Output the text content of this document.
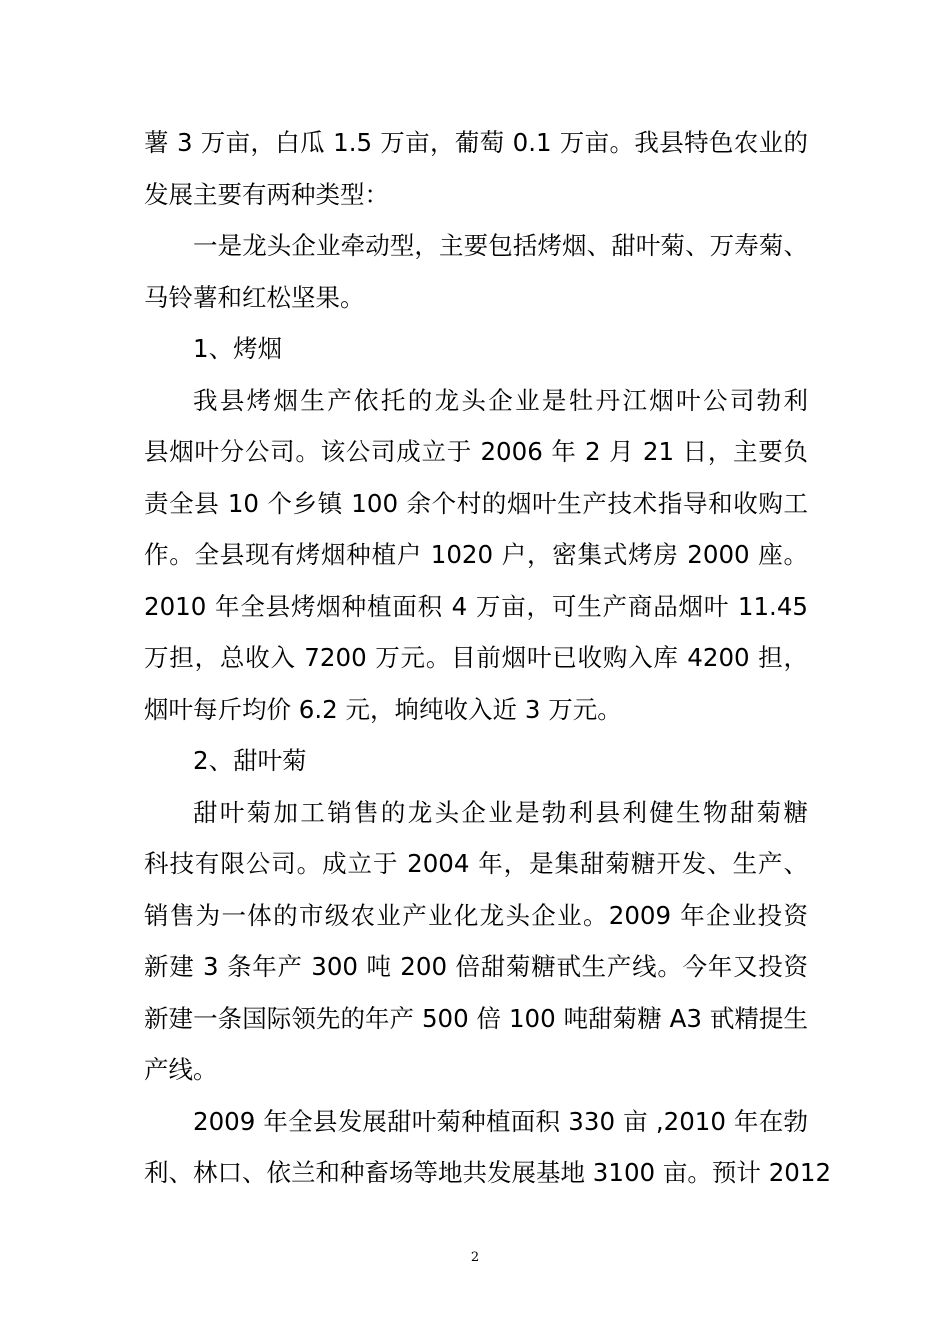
薯 3 万亩，白瓜 1.5 万亩，葡萄 0.1 万亩。我县特色农业的
发展主要有两种类型：
一是龙头企业牵动型，主要包括烤烟、甜叶菊、万寿菊、
马铃薯和红松坚果。
1、烤烟
我县烤烟生产依托的龙头企业是牡丹江烟叶公司勃利
县烟叶分公司。该公司成立于 2006 年 2 月 21 日，主要负
责全县 10 个乡镇 100 余个村的烟叶生产技术指导和收购工
作。全县现有烤烟种植户 1020 户，密集式烤房 2000 座。
2010 年全县烤烟种植面积 4 万亩，可生产商品烟叶 11.45
万担，总收入 7200 万元。目前烟叶已收购入库 4200 担，
烟叶每斤均价 6.2 元，垧纯收入近 3 万元。
2、甜叶菊
甜叶菊加工销售的龙头企业是勃利县利健生物甜菊糖
科技有限公司。成立于 2004 年，是集甜菊糖开发、生产、
销售为一体的市级农业产业化龙头企业。2009 年企业投资
新建 3 条年产 300 吨 200 倍甜菊糖甙生产线。今年又投资
新建一条国际领先的年产 500 倍 100 吨甜菊糖 A3 甙精提生
产线。
2009 年全县发展甜叶菊种植面积 330 亩 ,2010 年在勃
利、林口、依兰和种畜场等地共发展基地 3100 亩。预计 2012
2
